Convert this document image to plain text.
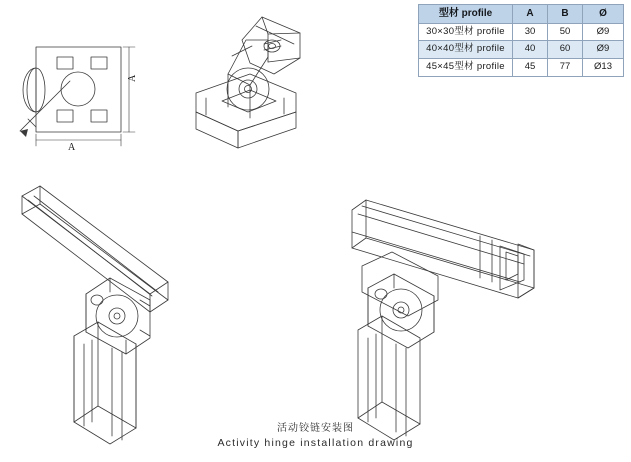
A
A
型材 profile	A	B	Ø
30×30型材 profile	30	50	Ø9
40×40型材 profile	40	60	Ø9
45×45型材 profile	45	77	Ø13
活动铰链安装图
Activity hinge installation drawing
